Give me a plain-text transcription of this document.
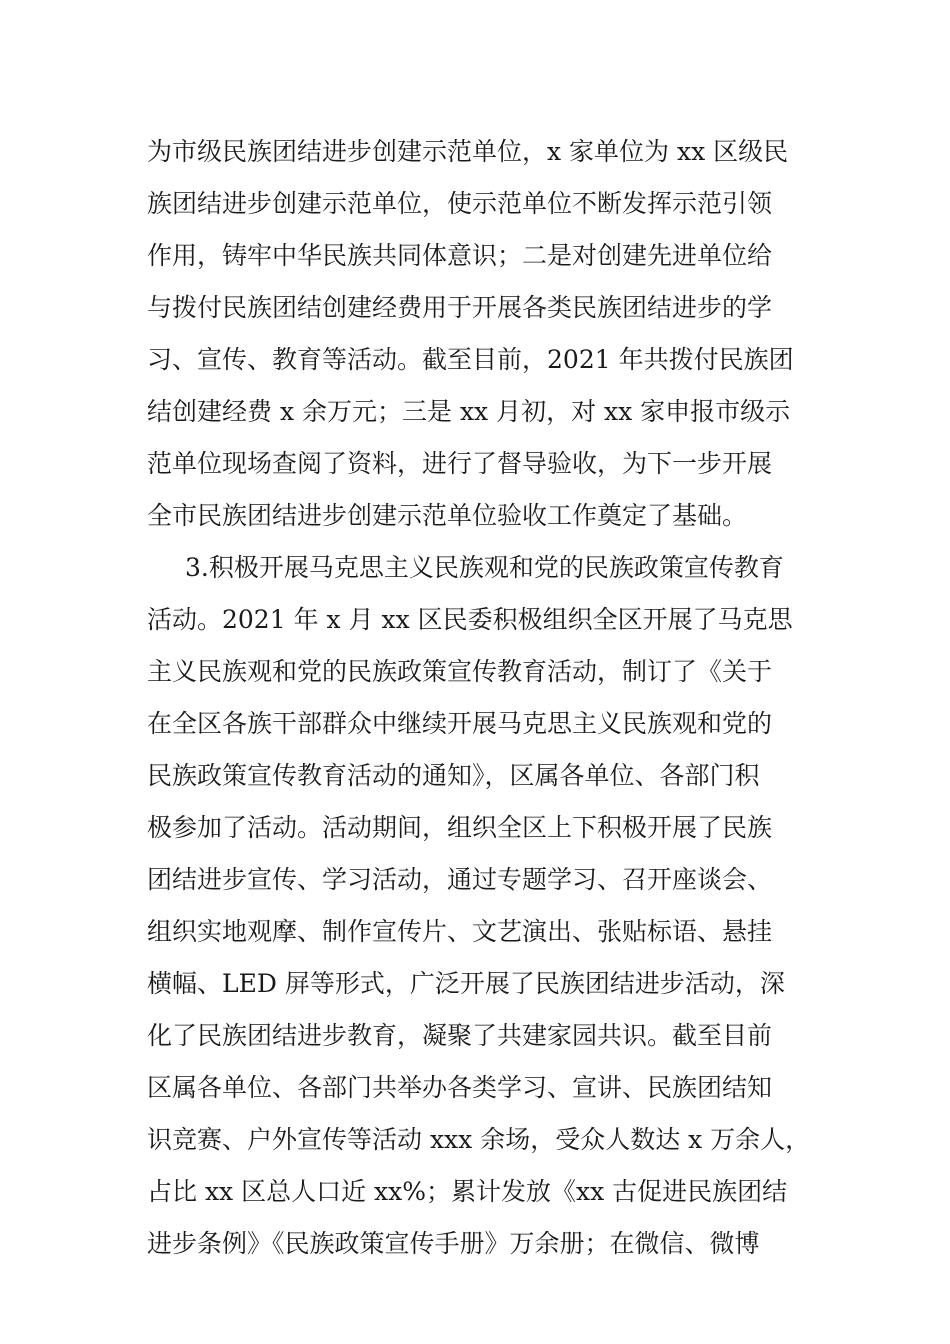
为市级民族团结进步创建示范单位，x 家单位为 xx 区级民
族团结进步创建示范单位，使示范单位不断发挥示范引领
作用，铸牢中华民族共同体意识；二是对创建先进单位给
与拨付民族团结创建经费用于开展各类民族团结进步的学
习、宣传、教育等活动。截至目前，2021 年共拨付民族团
结创建经费 x 余万元；三是 xx 月初，对 xx 家申报市级示
范单位现场查阅了资料，进行了督导验收，为下一步开展
全市民族团结进步创建示范单位验收工作奠定了基础。
3.积极开展马克思主义民族观和党的民族政策宣传教育
活动。2021 年 x 月 xx 区民委积极组织全区开展了马克思
主义民族观和党的民族政策宣传教育活动，制订了《关于
在全区各族干部群众中继续开展马克思主义民族观和党的
民族政策宣传教育活动的通知》，区属各单位、各部门积
极参加了活动。活动期间，组织全区上下积极开展了民族
团结进步宣传、学习活动，通过专题学习、召开座谈会、
组织实地观摩、制作宣传片、文艺演出、张贴标语、悬挂
横幅、LED 屏等形式，广泛开展了民族团结进步活动，深
化了民族团结进步教育，凝聚了共建家园共识。截至目前
区属各单位、各部门共举办各类学习、宣讲、民族团结知
识竞赛、户外宣传等活动 xxx 余场，受众人数达 x 万余人，
占比 xx 区总人口近 xx%；累计发放《xx 古促进民族团结
进步条例》《民族政策宣传手册》万余册；在微信、微博
